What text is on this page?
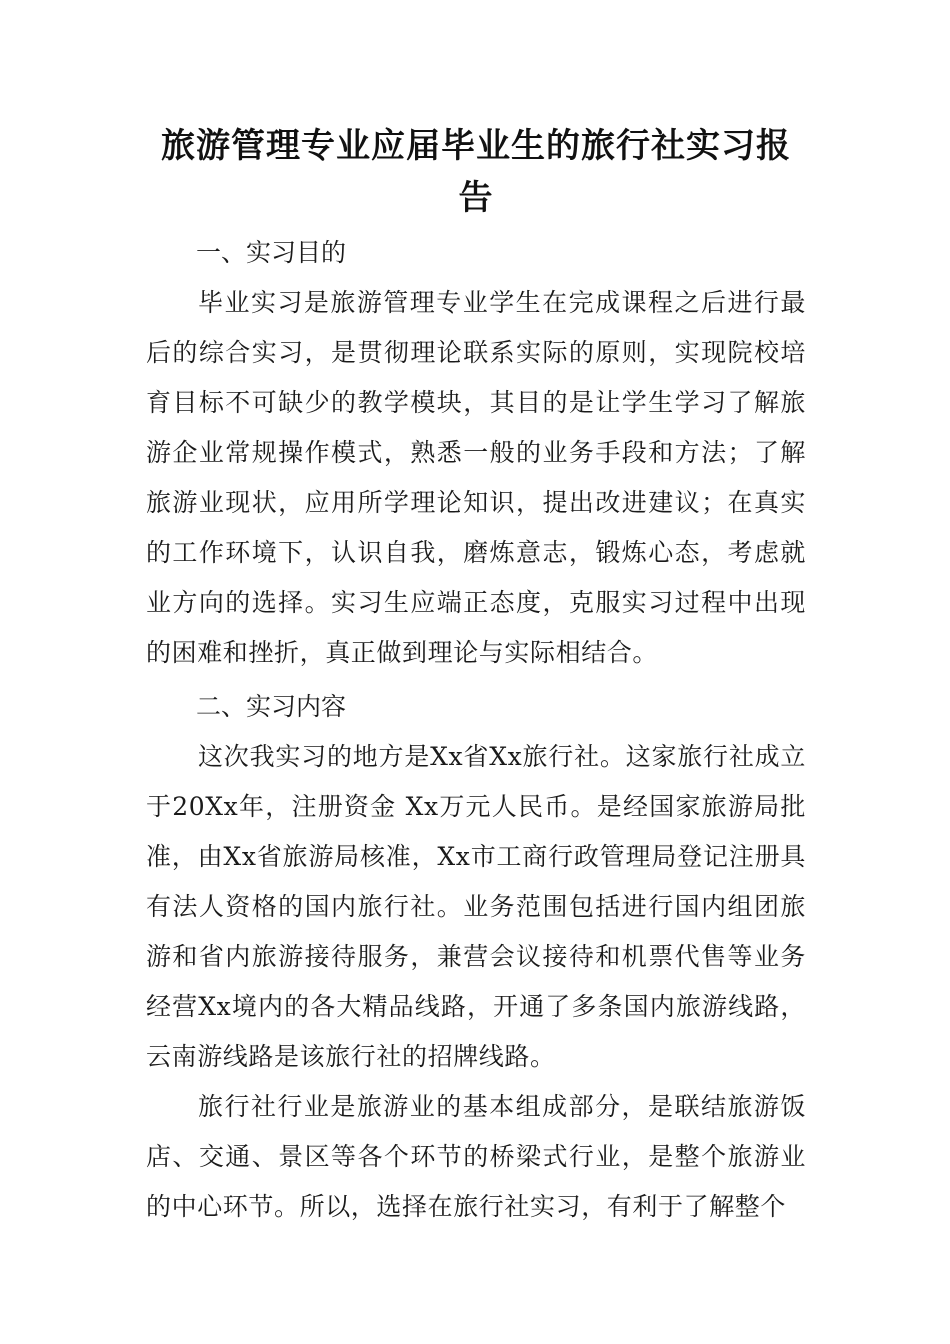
旅游管理专业应届毕业生的旅行社实习报告

一、实习目的

毕业实习是旅游管理专业学生在完成课程之后进行最后的综合实习，是贯彻理论联系实际的原则，实现院校培育目标不可缺少的教学模块，其目的是让学生学习了解旅游企业常规操作模式，熟悉一般的业务手段和方法；了解旅游业现状，应用所学理论知识，提出改进建议；在真实的工作环境下，认识自我，磨炼意志，锻炼心态，考虑就业方向的选择。实习生应端正态度，克服实习过程中出现的困难和挫折，真正做到理论与实际相结合。

二、实习内容

这次我实习的地方是Xx省Xx旅行社。这家旅行社成立于20Xx年，注册资金 Xx万元人民币。是经国家旅游局批准，由Xx省旅游局核准，Xx市工商行政管理局登记注册具有法人资格的国内旅行社。业务范围包括进行国内组团旅游和省内旅游接待服务，兼营会议接待和机票代售等业务经营Xx境内的各大精品线路，开通了多条国内旅游线路，云南游线路是该旅行社的招牌线路。

旅行社行业是旅游业的基本组成部分，是联结旅游饭店、交通、景区等各个环节的桥梁式行业，是整个旅游业的中心环节。所以，选择在旅行社实习，有利于了解整个
